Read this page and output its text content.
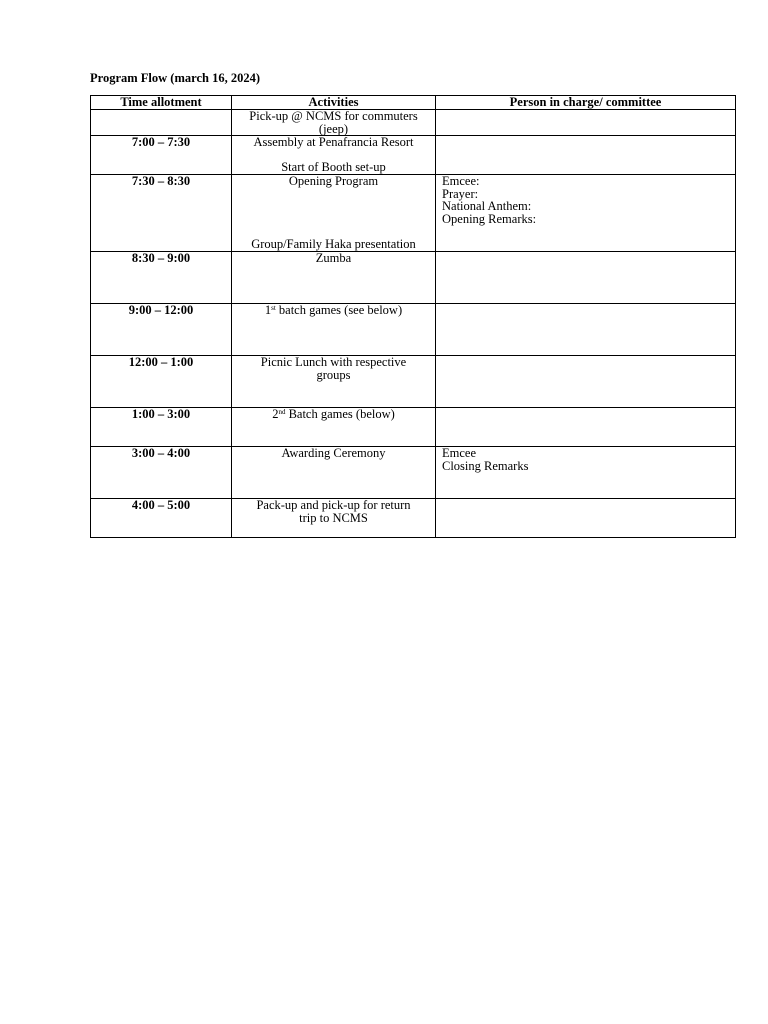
Program Flow (march 16, 2024)
Time allotment	Activities	Person in charge/ committee

	Pick-up @ NCMS for commuters
(jeep)	

7:00 – 7:30	Assembly at Penafrancia Resort
Start of Booth set-up	

7:30 – 8:30	Opening Program
Group/Family Haka presentation	Emcee:
Prayer:
National Anthem:
Opening Remarks:

8:30 – 9:00	Zumba	

9:00 – 12:00	1st batch games (see below)	
12:00 – 1:00	Picnic Lunch with respective
groups	

1:00 – 3:00	2nd Batch games (below)	
3:00 – 4:00	Awarding Ceremony	Emcee
Closing Remarks

4:00 – 5:00	Pack-up and pick-up for return
trip to NCMS	
